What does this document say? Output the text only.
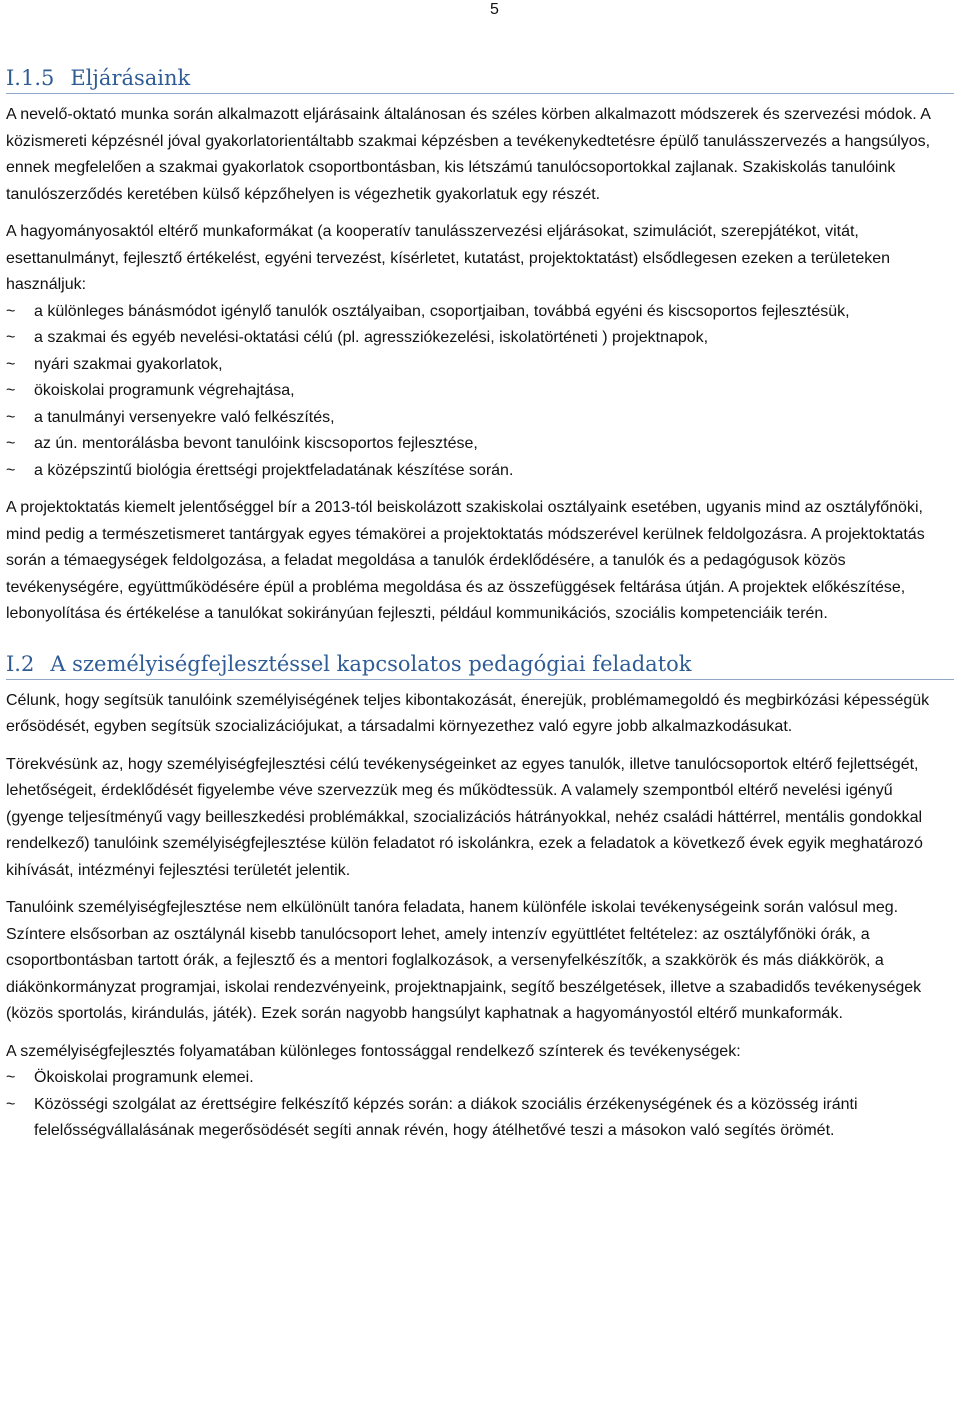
5
I.1.5 Eljárásaink

A nevelő-oktató munka során alkalmazott eljárásaink általánosan és széles körben alkalmazott módszerek és szervezési módok. A közismereti képzésnél jóval gyakorlatorientáltabb szakmai képzésben a tevékenykedtetésre épülő tanulásszervezés a hangsúlyos, ennek megfelelően a szakmai gyakorlatok csoportbontásban, kis létszámú tanulócsoportokkal zajlanak. Szakiskolás tanulóink tanulószerződés keretében külső képzőhelyen is végezhetik gyakorlatuk egy részét.

A hagyományosaktól eltérő munkaformákat (a kooperatív tanulásszervezési eljárásokat, szimulációt, szerepjátékot, vitát, esettanulmányt, fejlesztő értékelést, egyéni tervezést, kísérletet, kutatást, projektoktatást) elsődlegesen ezeken a területeken használjuk:

~ a különleges bánásmódot igénylő tanulók osztályaiban, csoportjaiban, továbbá egyéni és kiscsoportos fejlesztésük,
~ a szakmai és egyéb nevelési-oktatási célú (pl. agressziókezelési, iskolatörténeti ) projektnapok,
~ nyári szakmai gyakorlatok,
~ ökoiskolai programunk végrehajtása,
~ a tanulmányi versenyekre való felkészítés,
~ az ún. mentorálásba bevont tanulóink kiscsoportos fejlesztése,
~ a középszintű biológia érettségi projektfeladatának készítése során.

A projektoktatás kiemelt jelentőséggel bír a 2013-tól beiskolázott szakiskolai osztályaink esetében, ugyanis mind az osztályfőnöki, mind pedig a természetismeret tantárgyak egyes témakörei a projektoktatás módszerével kerülnek feldolgozásra. A projektoktatás során a témaegységek feldolgozása, a feladat megoldása a tanulók érdeklődésére, a tanulók és a pedagógusok közös tevékenységére, együttműködésére épül a probléma megoldása és az összefüggések feltárása útján. A projektek előkészítése, lebonyolítása és értékelése a tanulókat sokirányúan fejleszti, például kommunikációs, szociális kompetenciáik terén.

I.2 A személyiségfejlesztéssel kapcsolatos pedagógiai feladatok

Célunk, hogy segítsük tanulóink személyiségének teljes kibontakozását, énerejük, problémamegoldó és megbirkózási képességük erősödését, egyben segítsük szocializációjukat, a társadalmi környezethez való egyre jobb alkalmazkodásukat.

Törekvésünk az, hogy személyiségfejlesztési célú tevékenységeinket az egyes tanulók, illetve tanulócsoportok eltérő fejlettségét, lehetőségeit, érdeklődését figyelembe véve szervezzük meg és működtessük. A valamely szempontból eltérő nevelési igényű (gyenge teljesítményű vagy beilleszkedési problémákkal, szocializációs hátrányokkal, nehéz családi háttérrel, mentális gondokkal rendelkező) tanulóink személyiségfejlesztése külön feladatot ró iskolánkra, ezek a feladatok a következő évek egyik meghatározó kihívását, intézményi fejlesztési területét jelentik.

Tanulóink személyiségfejlesztése nem elkülönült tanóra feladata, hanem különféle iskolai tevékenységeink során valósul meg. Színtere elsősorban az osztálynál kisebb tanulócsoport lehet, amely intenzív együttlétet feltételez: az osztályfőnöki órák, a csoportbontásban tartott órák, a fejlesztő és a mentori foglalkozások, a versenyfelkészítők, a szakkörök és más diákkörök, a diákönkormányzat programjai, iskolai rendezvényeink, projektnapjaink, segítő beszélgetések, illetve a szabadidős tevékenységek (közös sportolás, kirándulás, játék). Ezek során nagyobb hangsúlyt kaphatnak a hagyományostól eltérő munkaformák.

A személyiségfejlesztés folyamatában különleges fontossággal rendelkező színterek és tevékenységek:

~ Ökoiskolai programunk elemei.
~ Közösségi szolgálat az érettségire felkészítő képzés során: a diákok szociális érzékenységének és a közösség iránti felelősségvállalásának megerősödését segíti annak révén, hogy átélhetővé teszi a másokon való segítés örömét.
